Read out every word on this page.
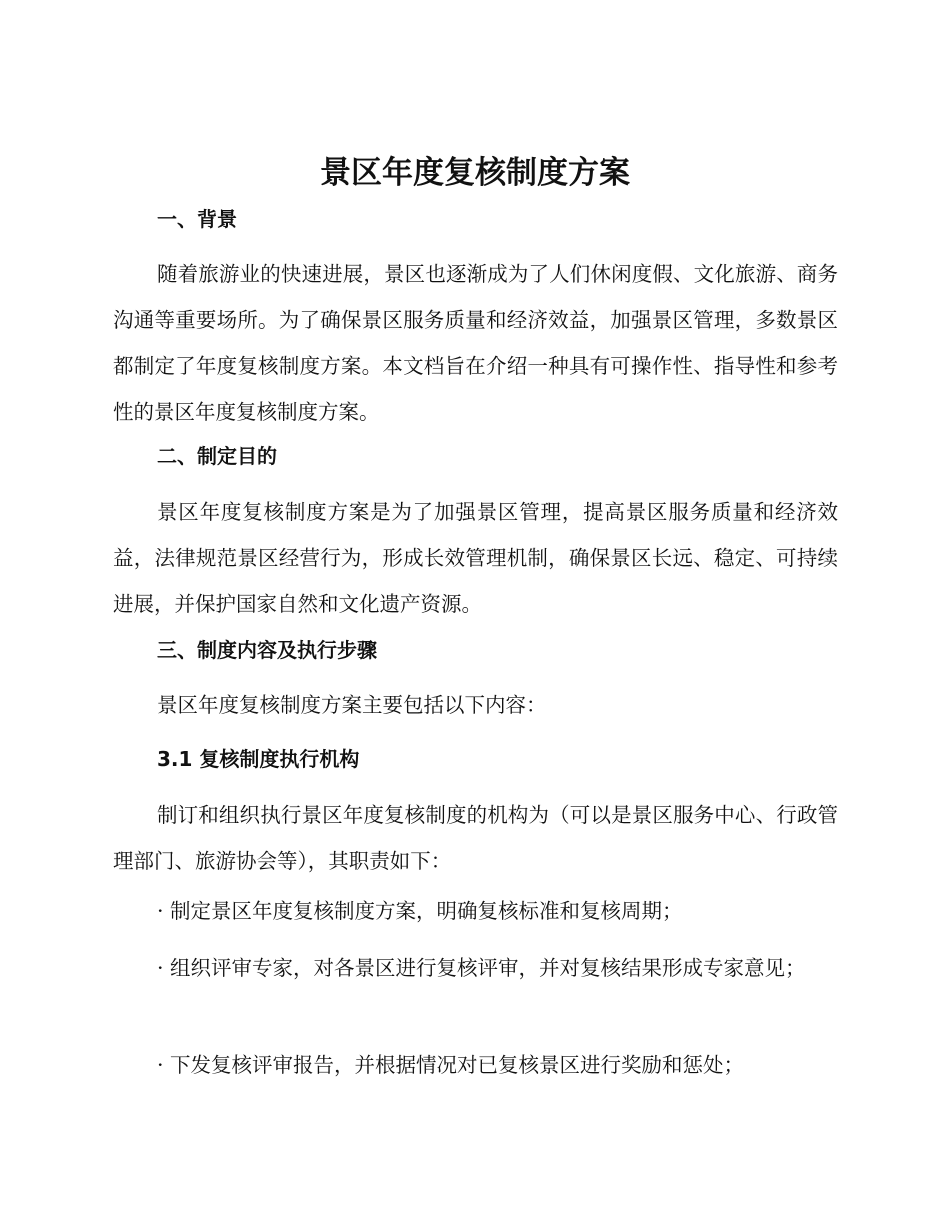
景区年度复核制度方案
一、背景

随着旅游业的快速进展，景区也逐渐成为了人们休闲度假、文化旅游、商务沟通等重要场所。为了确保景区服务质量和经济效益，加强景区管理，多数景区都制定了年度复核制度方案。本文档旨在介绍一种具有可操作性、指导性和参考性的景区年度复核制度方案。

二、制定目的

景区年度复核制度方案是为了加强景区管理，提高景区服务质量和经济效益，法律规范景区经营行为，形成长效管理机制，确保景区长远、稳定、可持续进展，并保护国家自然和文化遗产资源。

三、制度内容及执行步骤

景区年度复核制度方案主要包括以下内容：

3.1 复核制度执行机构

制订和组织执行景区年度复核制度的机构为（可以是景区服务中心、行政管理部门、旅游协会等），其职责如下：

· 制定景区年度复核制度方案，明确复核标准和复核周期；

· 组织评审专家，对各景区进行复核评审，并对复核结果形成专家意见；

· 下发复核评审报告，并根据情况对已复核景区进行奖励和惩处；
